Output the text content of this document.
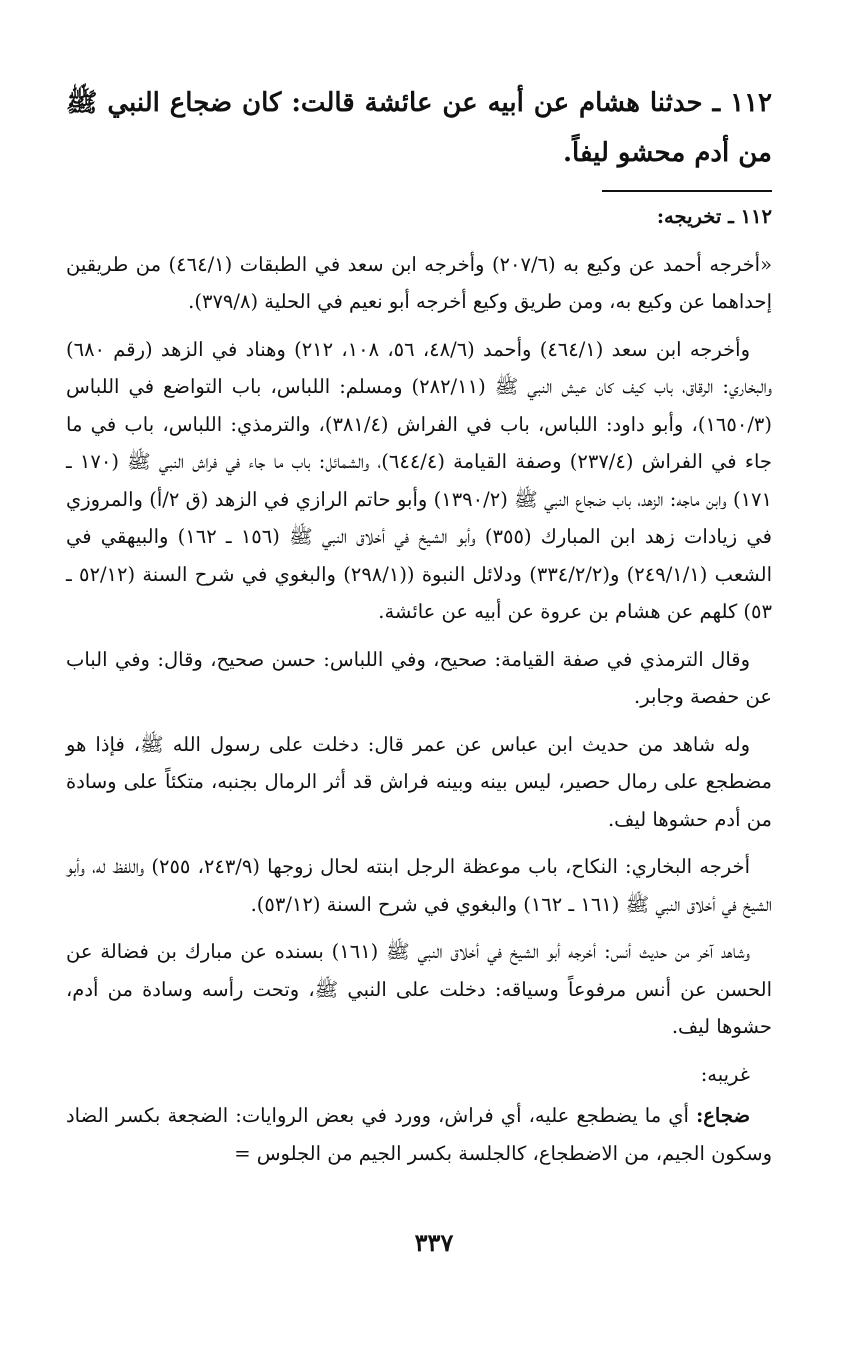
١١٢ ـ حدثنا هشام عن أبيه عن عائشة قالت: كان ضجاع النبي ﷺ من أدم محشو ليفاً.

١١٢ ـ تخريجه:

«أخرجه أحمد عن وكيع به (٢٠٧/٦) وأخرجه ابن سعد في الطبقات (٤٦٤/١) من طريقين إحداهما عن وكيع به، ومن طريق وكيع أخرجه أبو نعيم في الحلية (٣٧٩/٨).

وأخرجه ابن سعد (٤٦٤/١) وأحمد (٤٨/٦، ٥٦، ١٠٨، ٢١٢) وهناد في الزهد (رقم ٦٨٠) والبخاري: الرقاق، باب كيف كان عيش النبي ﷺ (٢٨٢/١١) ومسلم: اللباس، باب التواضع في اللباس (١٦٥٠/٣)، وأبو داود: اللباس، باب في الفراش (٣٨١/٤)، والترمذي: اللباس، باب في ما جاء في الفراش (٢٣٧/٤) وصفة القيامة (٦٤٤/٤)، والشمائل: باب ما جاء في فراش النبي ﷺ (١٧٠ ـ ١٧١) وابن ماجه: الزهد، باب ضجاع النبي ﷺ (١٣٩٠/٢) وأبو حاتم الرازي في الزهد (ق ٢/أ) والمروزي في زيادات زهد ابن المبارك (٣٥٥) وأبو الشيخ في أخلاق النبي ﷺ (١٥٦ ـ ١٦٢) والبيهقي في الشعب (٢٤٩/١/١) و(٣٣٤/٢/٢) ودلائل النبوة ((٢٩٨/١) والبغوي في شرح السنة (٥٢/١٢ ـ ٥٣) كلهم عن هشام بن عروة عن أبيه عن عائشة.

وقال الترمذي في صفة القيامة: صحيح، وفي اللباس: حسن صحيح، وقال: وفي الباب عن حفصة وجابر.

وله شاهد من حديث ابن عباس عن عمر قال: دخلت على رسول الله ﷺ، فإذا هو مضطجع على رمال حصير، ليس بينه وبينه فراش قد أثر الرمال بجنبه، متكئاً على وسادة من أدم حشوها ليف.

أخرجه البخاري: النكاح، باب موعظة الرجل ابنته لحال زوجها (٢٤٣/٩، ٢٥٥) واللفظ له، وأبو الشيخ في أخلاق النبي ﷺ (١٦١ ـ ١٦٢) والبغوي في شرح السنة (٥٣/١٢).

وشاهد آخر من حديث أنس: أخرجه أبو الشيخ في أخلاق النبي ﷺ (١٦١) بسنده عن مبارك بن فضالة عن الحسن عن أنس مرفوعاً وسياقه: دخلت على النبي ﷺ، وتحت رأسه وسادة من أدم، حشوها ليف.

غريبه:

ضجاع: أي ما يضطجع عليه، أي فراش، وورد في بعض الروايات: الضجعة بكسر الضاد وسكون الجيم، من الاضطجاع، كالجلسة بكسر الجيم من الجلوس =

٣٣٧
